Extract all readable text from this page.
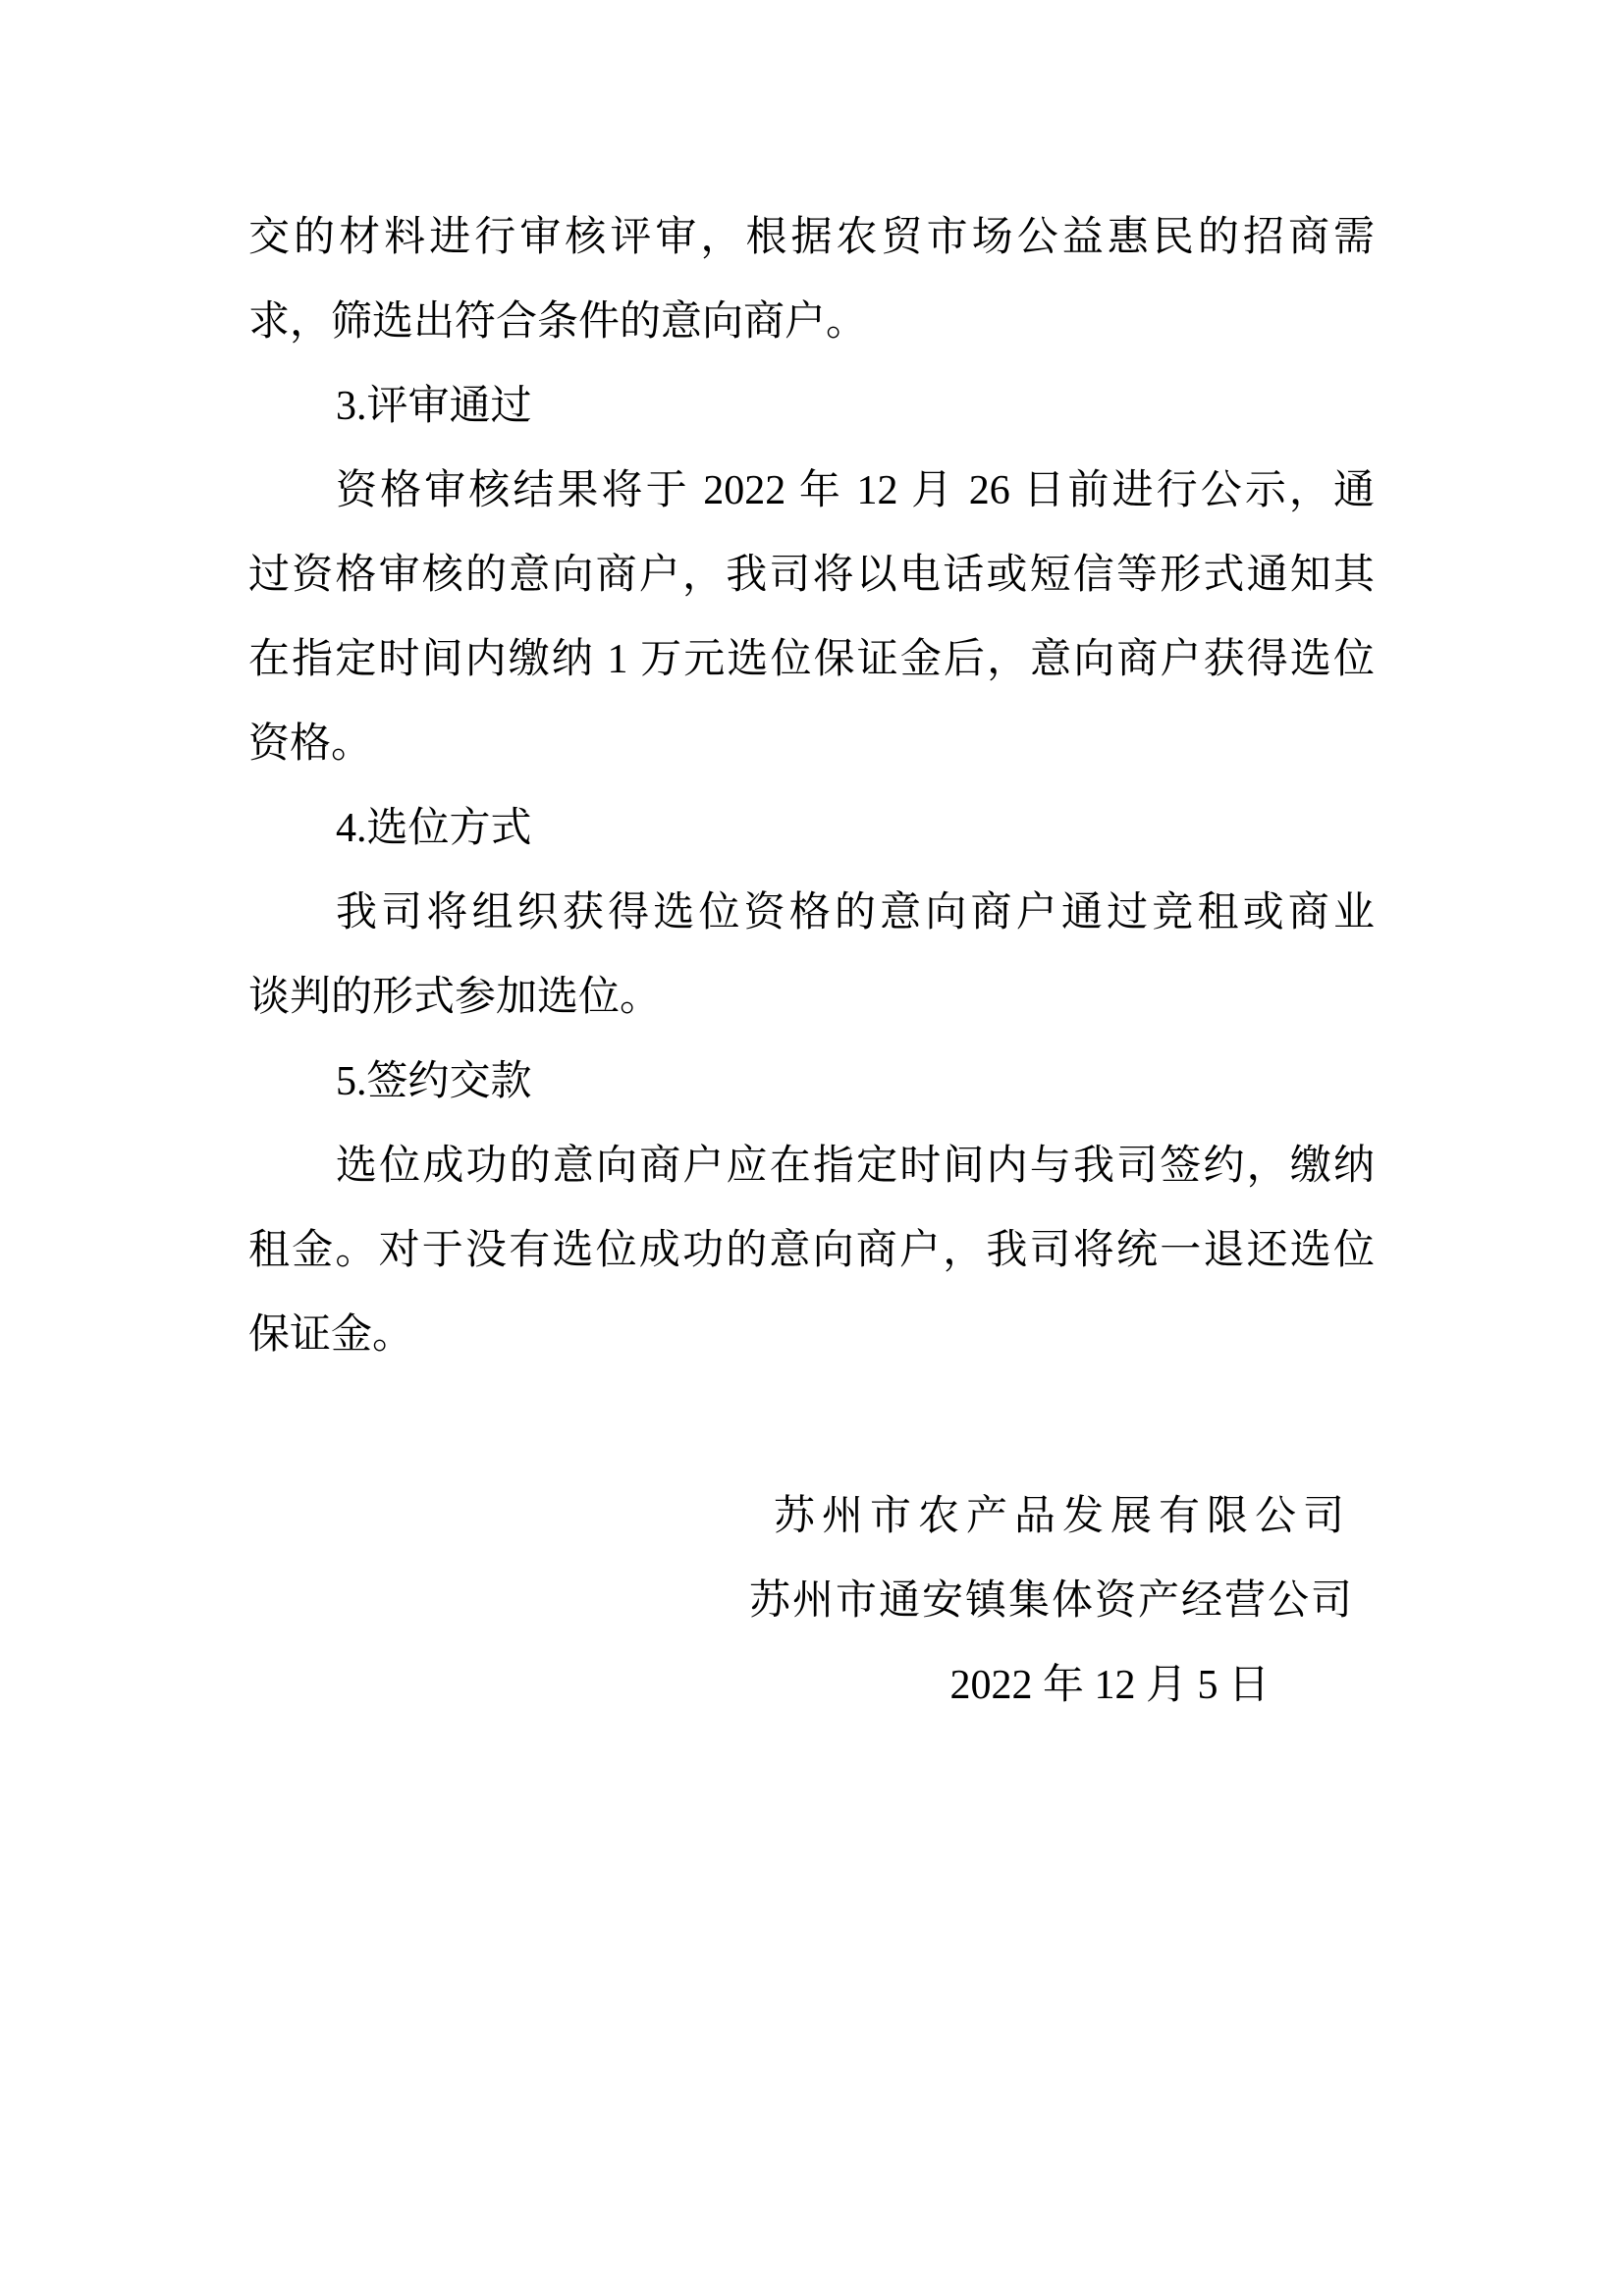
交的材料进行审核评审，根据农贸市场公益惠民的招商需
求，筛选出符合条件的意向商户。
3.评审通过
资格审核结果将于 2022 年 12 月 26 日前进行公示，通
过资格审核的意向商户，我司将以电话或短信等形式通知其
在指定时间内缴纳 1 万元选位保证金后，意向商户获得选位
资格。
4.选位方式
我司将组织获得选位资格的意向商户通过竞租或商业
谈判的形式参加选位。
5.签约交款
选位成功的意向商户应在指定时间内与我司签约，缴纳
租金。对于没有选位成功的意向商户，我司将统一退还选位
保证金。
苏州市农产品发展有限公司
苏州市通安镇集体资产经营公司
2022 年 12 月 5 日
